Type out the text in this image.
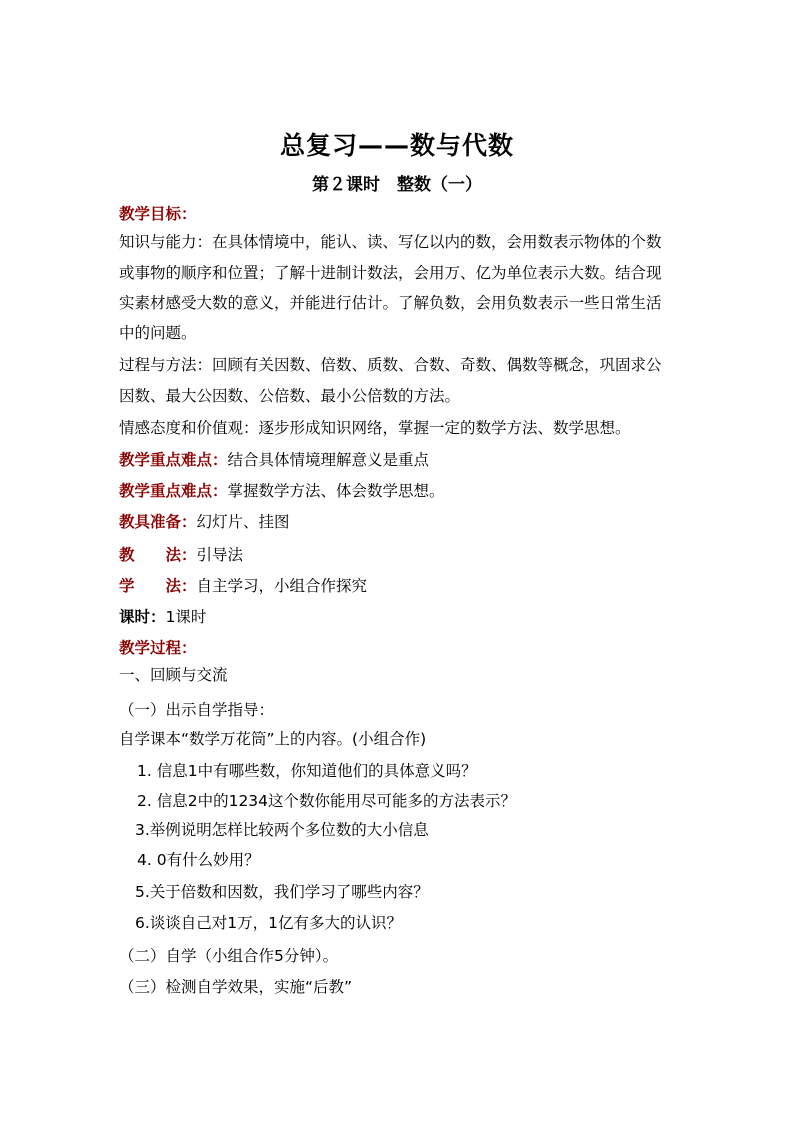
总复习——数与代数
第２课时　整数（一）
教学目标：
知识与能力：在具体情境中，能认、读、写亿以内的数，会用数表示物体的个数
或事物的顺序和位置；了解十进制计数法，会用万、亿为单位表示大数。结合现
实素材感受大数的意义，并能进行估计。了解负数，会用负数表示一些日常生活
中的问题。
过程与方法：回顾有关因数、倍数、质数、合数、奇数、偶数等概念，巩固求公
因数、最大公因数、公倍数、最小公倍数的方法。
情感态度和价值观：逐步形成知识网络，掌握一定的数学方法、数学思想。
教学重点难点：结合具体情境理解意义是重点
教学重点难点：掌握数学方法、体会数学思想。
教具准备：幻灯片、挂图
教　　法：引导法
学　　法：自主学习，小组合作探究
课时：1课时
教学过程：
一、回顾与交流
（一）出示自学指导：
自学课本“数学万花筒”上的内容。(小组合作)
1. 信息1中有哪些数，你知道他们的具体意义吗？
2. 信息2中的1234这个数你能用尽可能多的方法表示？
3.举例说明怎样比较两个多位数的大小信息
4. 0有什么妙用？
5.关于倍数和因数，我们学习了哪些内容？
6.谈谈自己对1万，1亿有多大的认识？
（二）自学（小组合作5分钟）。
（三）检测自学效果，实施“后教”
